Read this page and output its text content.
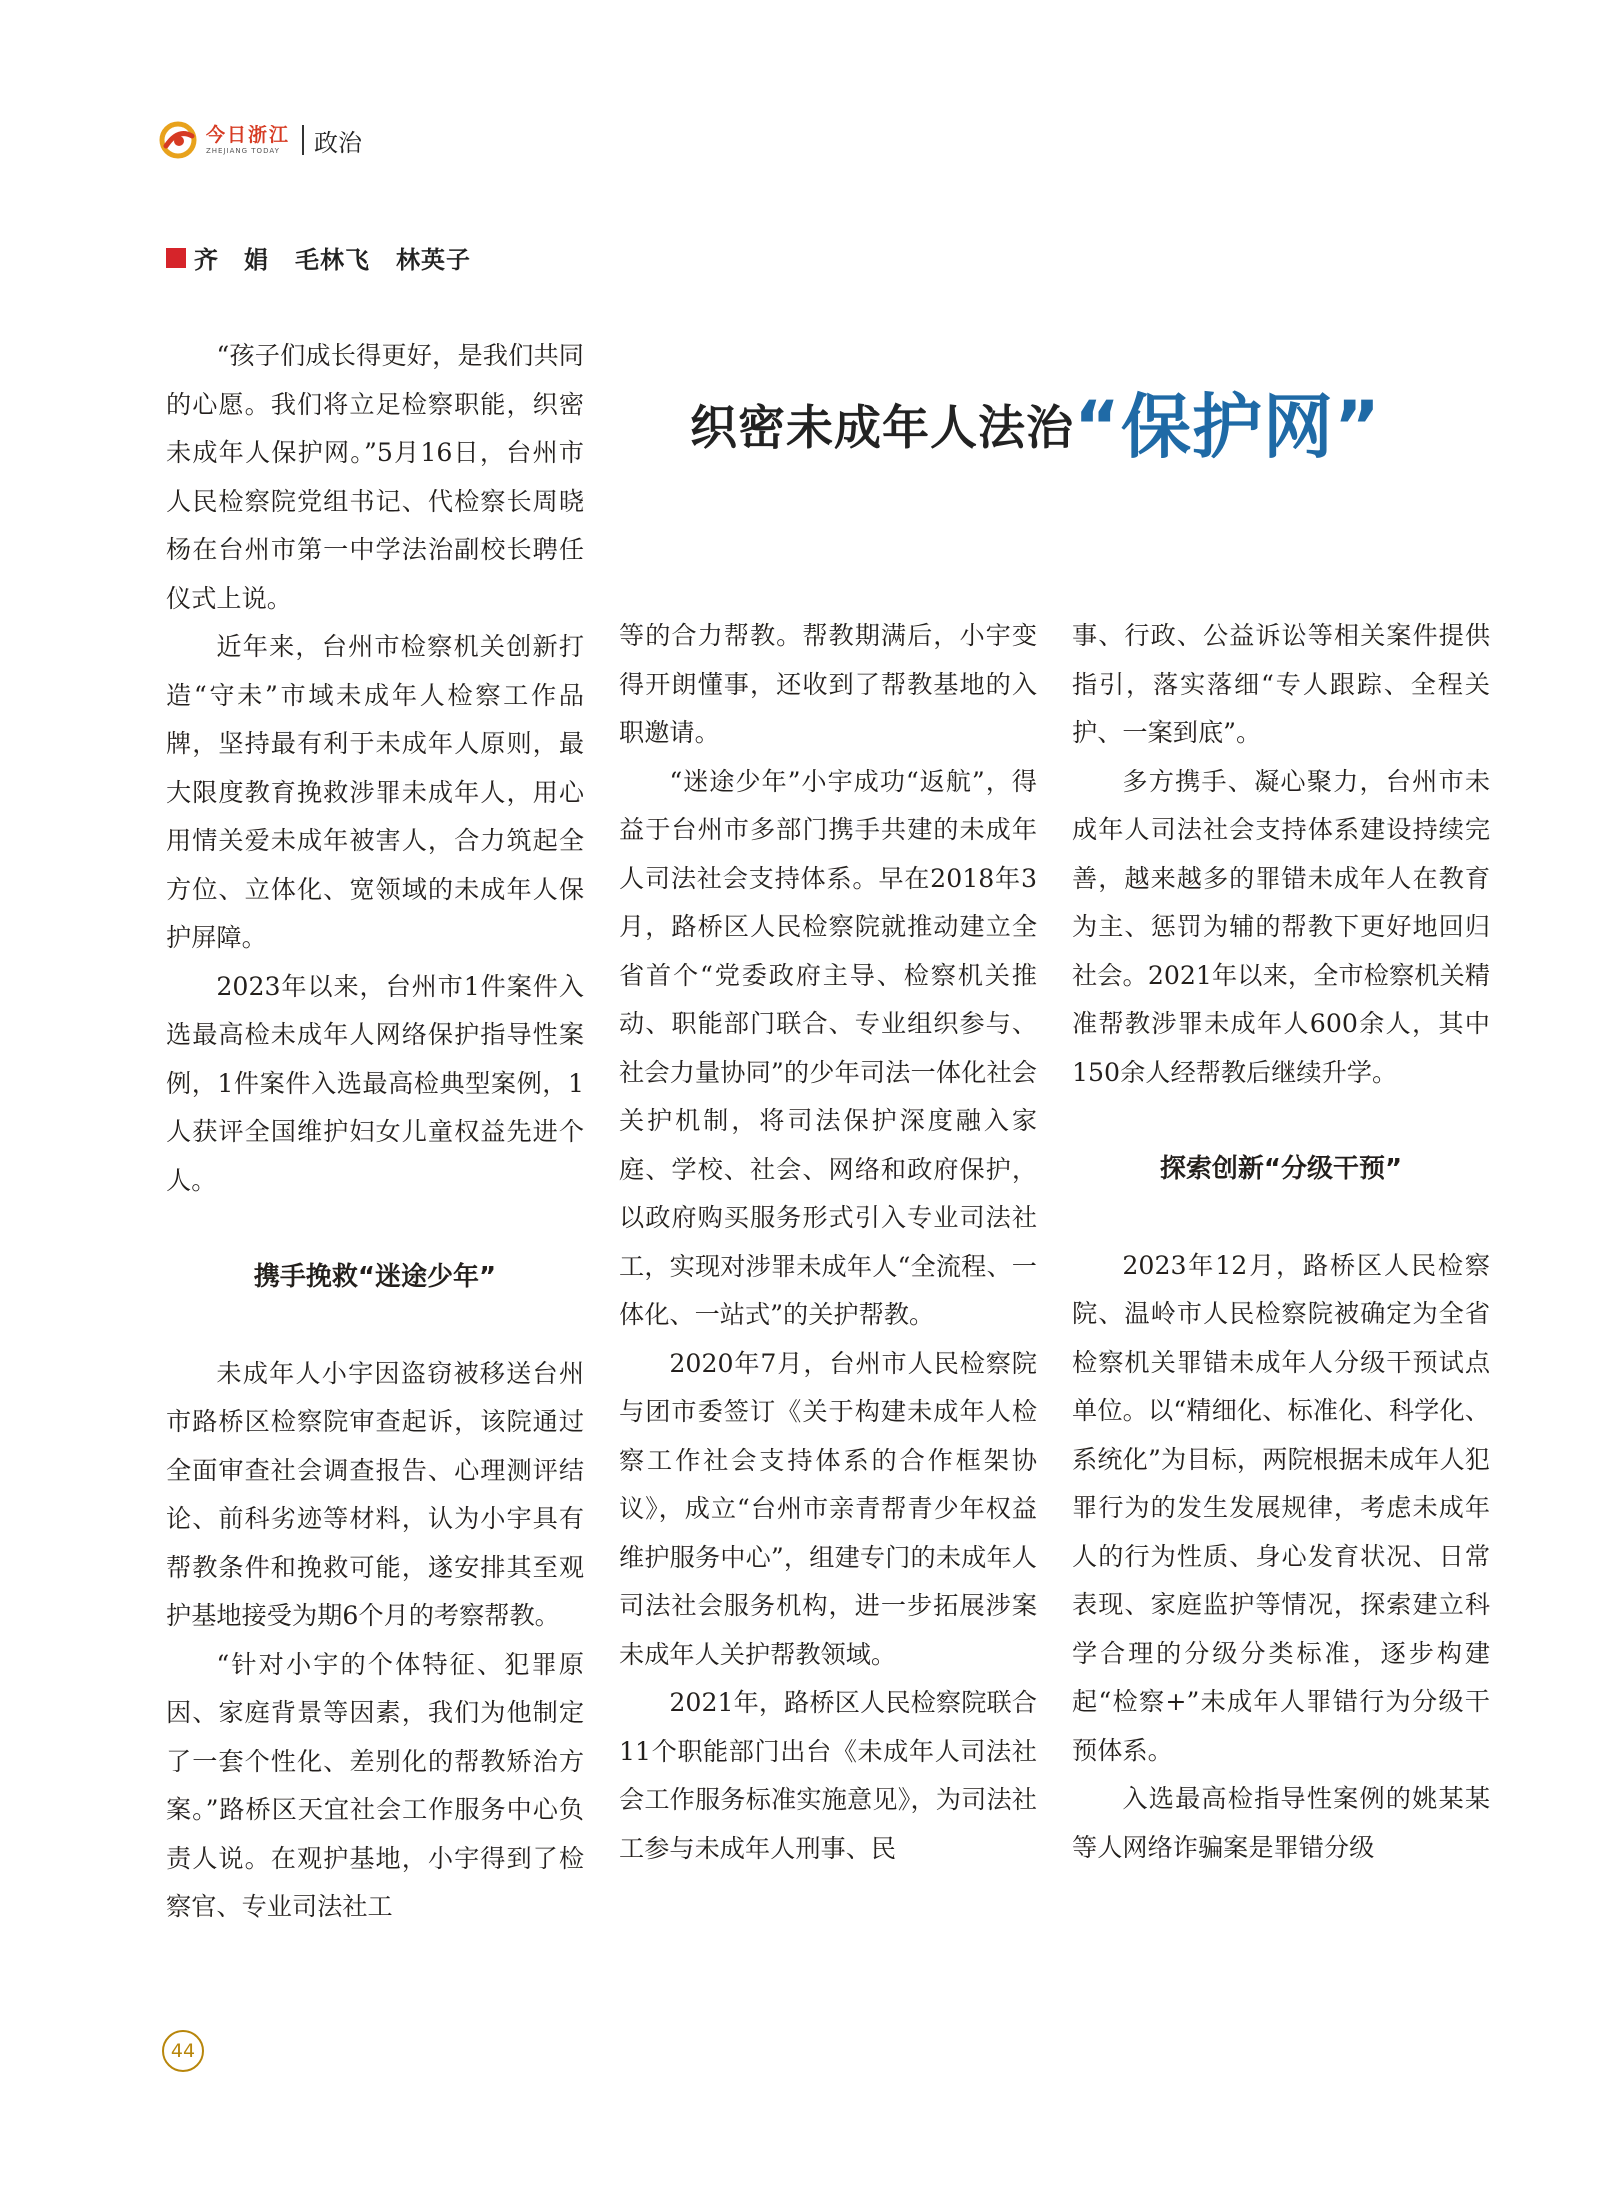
今日浙江
ZHEJIANG TODAY	政治
齐　娟 毛林飞 林英子
织密未成年人法治 “保护网”

“孩子们成长得更好，是我们共同的心愿。我们将立足检察职能，织密未成年人保护网。”5月16日，台州市人民检察院党组书记、代检察长周晓杨在台州市第一中学法治副校长聘任仪式上说。

近年来，台州市检察机关创新打造“守未”市域未成年人检察工作品牌，坚持最有利于未成年人原则，最大限度教育挽救涉罪未成年人，用心用情关爱未成年被害人，合力筑起全方位、立体化、宽领域的未成年人保护屏障。

2023年以来，台州市1件案件入选最高检未成年人网络保护指导性案例，1件案件入选最高检典型案例，1人获评全国维护妇女儿童权益先进个人。

携手挽救“迷途少年”

未成年人小宇因盗窃被移送台州市路桥区检察院审查起诉，该院通过全面审查社会调查报告、心理测评结论、前科劣迹等材料，认为小宇具有帮教条件和挽救可能，遂安排其至观护基地接受为期6个月的考察帮教。

“针对小宇的个体特征、犯罪原因、家庭背景等因素，我们为他制定了一套个性化、差别化的帮教矫治方案。”路桥区天宜社会工作服务中心负责人说。在观护基地，小宇得到了检察官、专业司法社工

等的合力帮教。帮教期满后，小宇变得开朗懂事，还收到了帮教基地的入职邀请。

“迷途少年”小宇成功“返航”，得益于台州市多部门携手共建的未成年人司法社会支持体系。早在2018年3月，路桥区人民检察院就推动建立全省首个“党委政府主导、检察机关推动、职能部门联合、专业组织参与、社会力量协同”的少年司法一体化社会关护机制，将司法保护深度融入家庭、学校、社会、网络和政府保护，以政府购买服务形式引入专业司法社工，实现对涉罪未成年人“全流程、一体化、一站式”的关护帮教。

2020年7月，台州市人民检察院与团市委签订《关于构建未成年人检察工作社会支持体系的合作框架协议》，成立“台州市亲青帮青少年权益维护服务中心”，组建专门的未成年人司法社会服务机构，进一步拓展涉案未成年人关护帮教领域。

2021年，路桥区人民检察院联合11个职能部门出台《未成年人司法社会工作服务标准实施意见》，为司法社工参与未成年人刑事、民

事、行政、公益诉讼等相关案件提供指引，落实落细“专人跟踪、全程关护、一案到底”。

多方携手、凝心聚力，台州市未成年人司法社会支持体系建设持续完善，越来越多的罪错未成年人在教育为主、惩罚为辅的帮教下更好地回归社会。2021年以来，全市检察机关精准帮教涉罪未成年人600余人，其中150余人经帮教后继续升学。

探索创新“分级干预”

2023年12月，路桥区人民检察院、温岭市人民检察院被确定为全省检察机关罪错未成年人分级干预试点单位。以“精细化、标准化、科学化、系统化”为目标，两院根据未成年人犯罪行为的发生发展规律，考虑未成年人的行为性质、身心发育状况、日常表现、家庭监护等情况，探索建立科学合理的分级分类标准，逐步构建起“检察+”未成年人罪错行为分级干预体系。

入选最高检指导性案例的姚某某等人网络诈骗案是罪错分级

44
